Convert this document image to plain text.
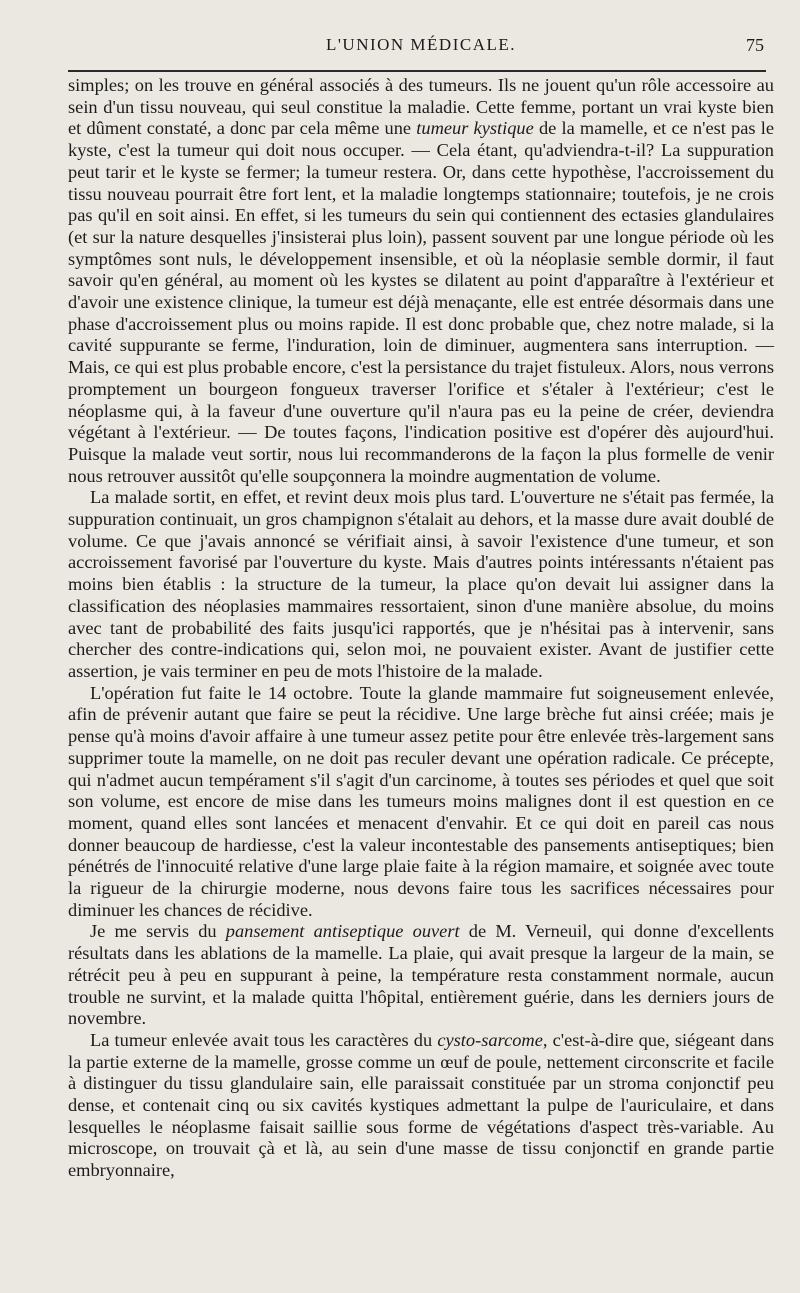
L'UNION MÉDICALE.	75

simples; on les trouve en général associés à des tumeurs. Ils ne jouent qu'un rôle accessoire au sein d'un tissu nouveau, qui seul constitue la maladie. Cette femme, portant un vrai kyste bien et dûment constaté, a donc par cela même une tumeur kystique de la mamelle, et ce n'est pas le kyste, c'est la tumeur qui doit nous occuper. — Cela étant, qu'adviendra-t-il? La suppuration peut tarir et le kyste se fermer; la tumeur restera. Or, dans cette hypothèse, l'accroissement du tissu nouveau pourrait être fort lent, et la maladie longtemps stationnaire; toutefois, je ne crois pas qu'il en soit ainsi. En effet, si les tumeurs du sein qui contiennent des ectasies glandulaires (et sur la nature desquelles j'insisterai plus loin), passent souvent par une longue période où les symptômes sont nuls, le développement insensible, et où la néoplasie semble dormir, il faut savoir qu'en général, au moment où les kystes se dilatent au point d'apparaître à l'extérieur et d'avoir une existence clinique, la tumeur est déjà menaçante, elle est entrée désormais dans une phase d'accroissement plus ou moins rapide. Il est donc probable que, chez notre malade, si la cavité suppurante se ferme, l'induration, loin de diminuer, augmentera sans interruption. — Mais, ce qui est plus probable encore, c'est la persistance du trajet fistuleux. Alors, nous verrons promptement un bourgeon fongueux traverser l'orifice et s'étaler à l'extérieur; c'est le néoplasme qui, à la faveur d'une ouverture qu'il n'aura pas eu la peine de créer, deviendra végétant à l'extérieur. — De toutes façons, l'indication positive est d'opérer dès aujourd'hui. Puisque la malade veut sortir, nous lui recommanderons de la façon la plus formelle de venir nous retrouver aussitôt qu'elle soupçonnera la moindre augmentation de volume.

La malade sortit, en effet, et revint deux mois plus tard. L'ouverture ne s'était pas fermée, la suppuration continuait, un gros champignon s'étalait au dehors, et la masse dure avait doublé de volume. Ce que j'avais annoncé se vérifiait ainsi, à savoir l'existence d'une tumeur, et son accroissement favorisé par l'ouverture du kyste. Mais d'autres points intéressants n'étaient pas moins bien établis : la structure de la tumeur, la place qu'on devait lui assigner dans la classification des néoplasies mammaires ressortaient, sinon d'une manière absolue, du moins avec tant de probabilité des faits jusqu'ici rapportés, que je n'hésitai pas à intervenir, sans chercher des contre-indications qui, selon moi, ne pouvaient exister. Avant de justifier cette assertion, je vais terminer en peu de mots l'histoire de la malade.

L'opération fut faite le 14 octobre. Toute la glande mammaire fut soigneusement enlevée, afin de prévenir autant que faire se peut la récidive. Une large brèche fut ainsi créée; mais je pense qu'à moins d'avoir affaire à une tumeur assez petite pour être enlevée très-largement sans supprimer toute la mamelle, on ne doit pas reculer devant une opération radicale. Ce précepte, qui n'admet aucun tempérament s'il s'agit d'un carcinome, à toutes ses périodes et quel que soit son volume, est encore de mise dans les tumeurs moins malignes dont il est question en ce moment, quand elles sont lancées et menacent d'envahir. Et ce qui doit en pareil cas nous donner beaucoup de hardiesse, c'est la valeur incontestable des pansements antiseptiques; bien pénétrés de l'innocuité relative d'une large plaie faite à la région mamaire, et soignée avec toute la rigueur de la chirurgie moderne, nous devons faire tous les sacrifices nécessaires pour diminuer les chances de récidive.

Je me servis du pansement antiseptique ouvert de M. Verneuil, qui donne d'excellents résultats dans les ablations de la mamelle. La plaie, qui avait presque la largeur de la main, se rétrécit peu à peu en suppurant à peine, la température resta constamment normale, aucun trouble ne survint, et la malade quitta l'hôpital, entièrement guérie, dans les derniers jours de novembre.

La tumeur enlevée avait tous les caractères du cysto-sarcome, c'est-à-dire que, siégeant dans la partie externe de la mamelle, grosse comme un œuf de poule, nettement circonscrite et facile à distinguer du tissu glandulaire sain, elle paraissait constituée par un stroma conjonctif peu dense, et contenait cinq ou six cavités kystiques admettant la pulpe de l'auriculaire, et dans lesquelles le néoplasme faisait saillie sous forme de végétations d'aspect très-variable. Au microscope, on trouvait çà et là, au sein d'une masse de tissu conjonctif en grande partie embryonnaire,
